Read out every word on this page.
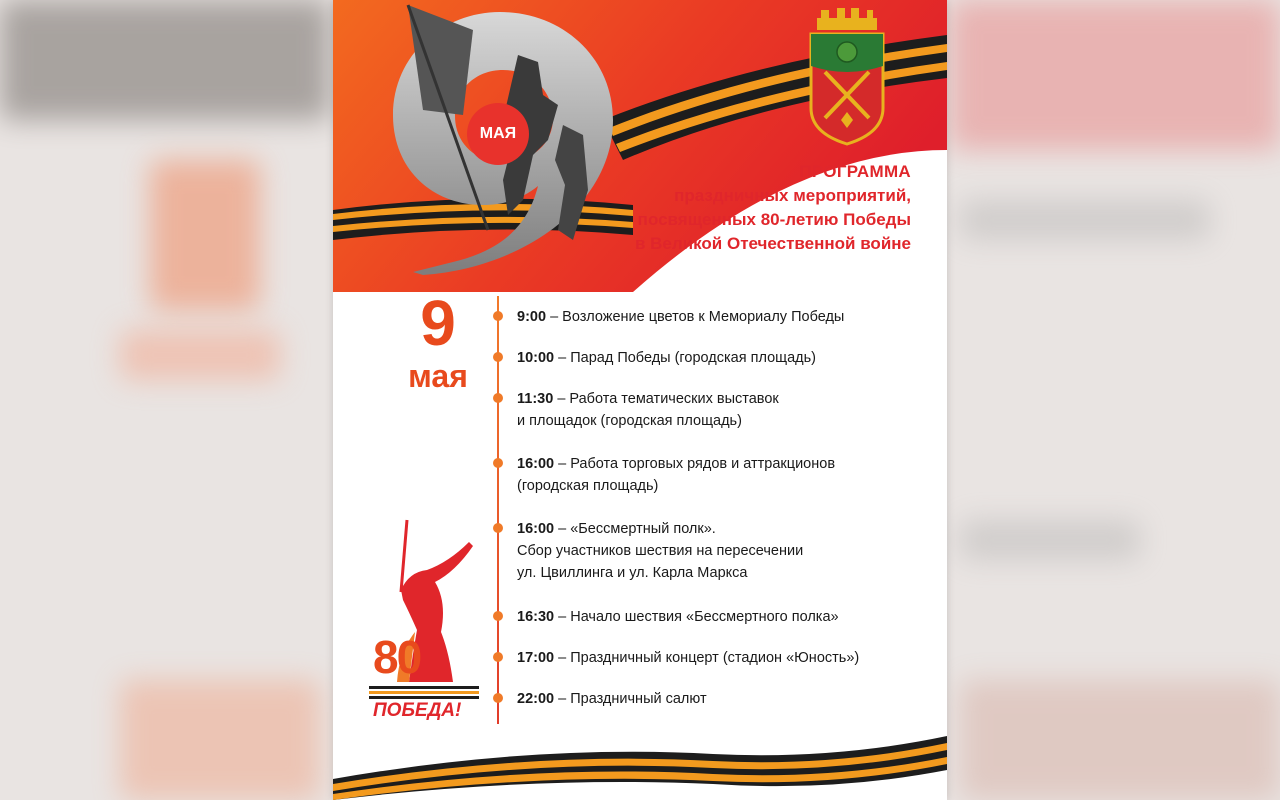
МАЯ
ПРОГРАММА
праздничных мероприятий,
посвященных 80-летию Победы
в Великой Отечественной войне
9
мая
9:00 – Возложение цветов к Мемориалу Победы
10:00 – Парад Победы (городская площадь)
11:30 – Работа тематических выставок
и площадок (городская площадь)
16:00 – Работа торговых рядов и аттракционов
(городская площадь)
16:00 – «Бессмертный полк».
Сбор участников шествия на пересечении
ул. Цвиллинга и ул. Карла Маркса
16:30 – Начало шествия «Бессмертного полка»
17:00 – Праздничный концерт (стадион «Юность»)
22:00 – Праздничный салют
80
ПОБЕДА!
